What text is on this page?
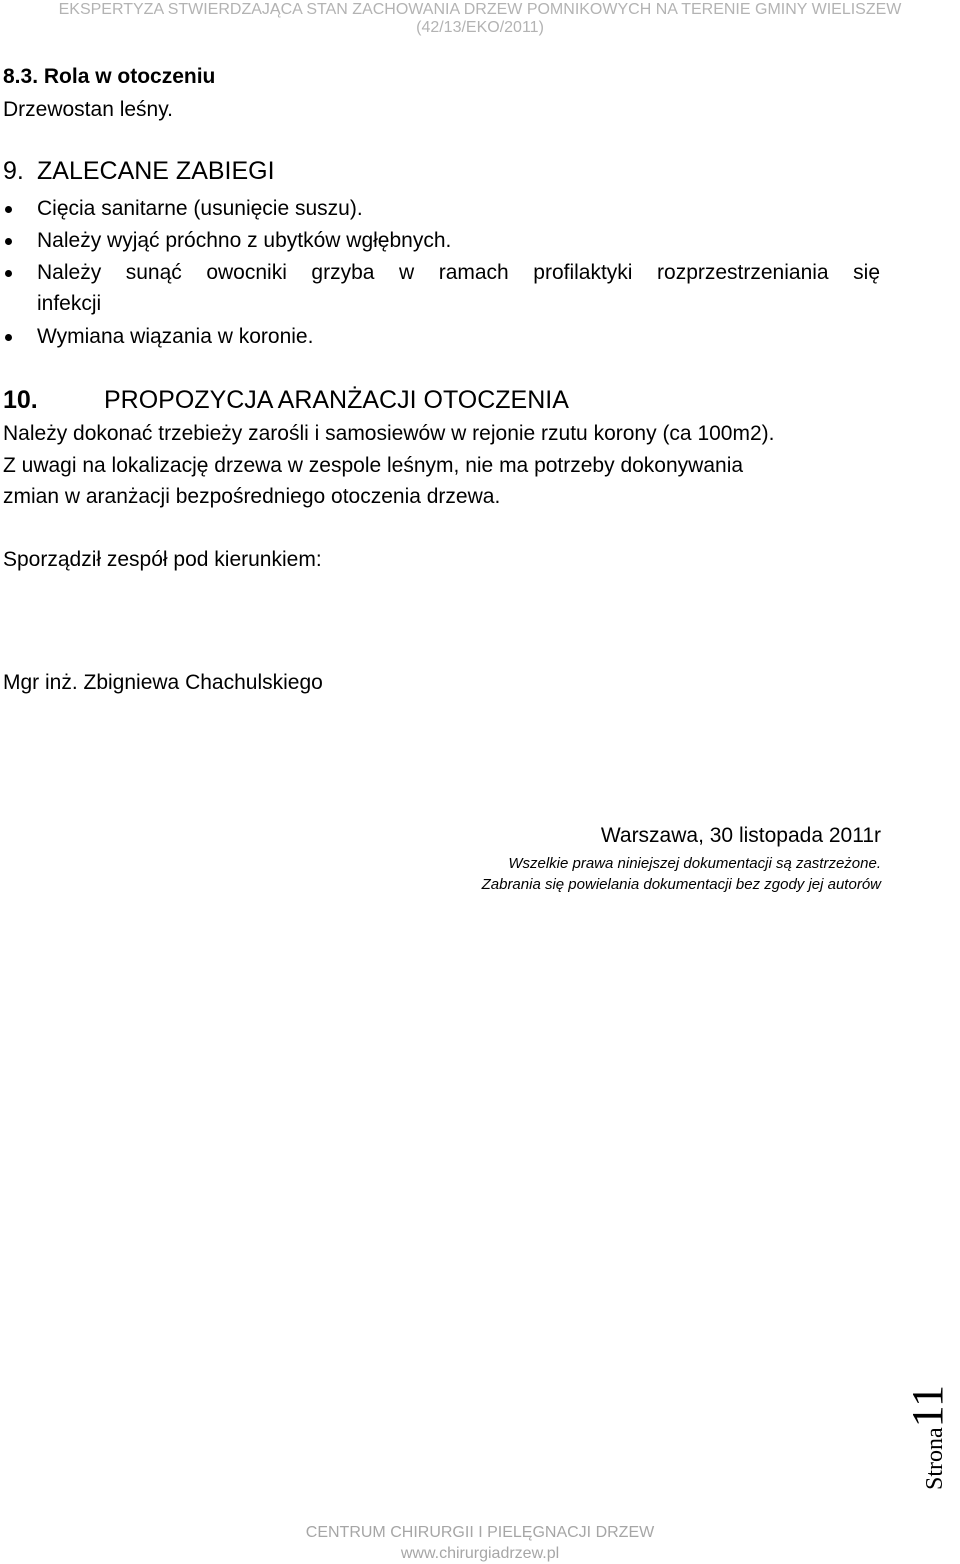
EKSPERTYZA STWIERDZAJĄCA STAN ZACHOWANIA DRZEW POMNIKOWYCH NA TERENIE GMINY WIELISZEW
(42/13/EKO/2011)
8.3. Rola w otoczeniu
Drzewostan leśny.
9. ZALECANE ZABIEGI
Cięcia sanitarne (usunięcie suszu).
Należy wyjąć próchno z ubytków wgłębnych.
Należy sunąć owocniki grzyba w ramach profilaktyki rozprzestrzeniania się
infekcji
Wymiana wiązania w koronie.
10.	PROPOZYCJA ARANŻACJI OTOCZENIA
Należy dokonać trzebieży zarośli i samosiewów w rejonie rzutu korony (ca 100m2).
Z uwagi na lokalizację drzewa w zespole leśnym, nie ma potrzeby dokonywania
zmian w aranżacji bezpośredniego otoczenia drzewa.
Sporządził zespół pod kierunkiem:
Mgr inż. Zbigniewa Chachulskiego
Warszawa, 30 listopada 2011r
Wszelkie prawa niniejszej dokumentacji są zastrzeżone.
Zabrania się powielania dokumentacji bez zgody jej autorów
Strona11
CENTRUM CHIRURGII I PIELĘGNACJI DRZEW
www.chirurgiadrzew.pl
